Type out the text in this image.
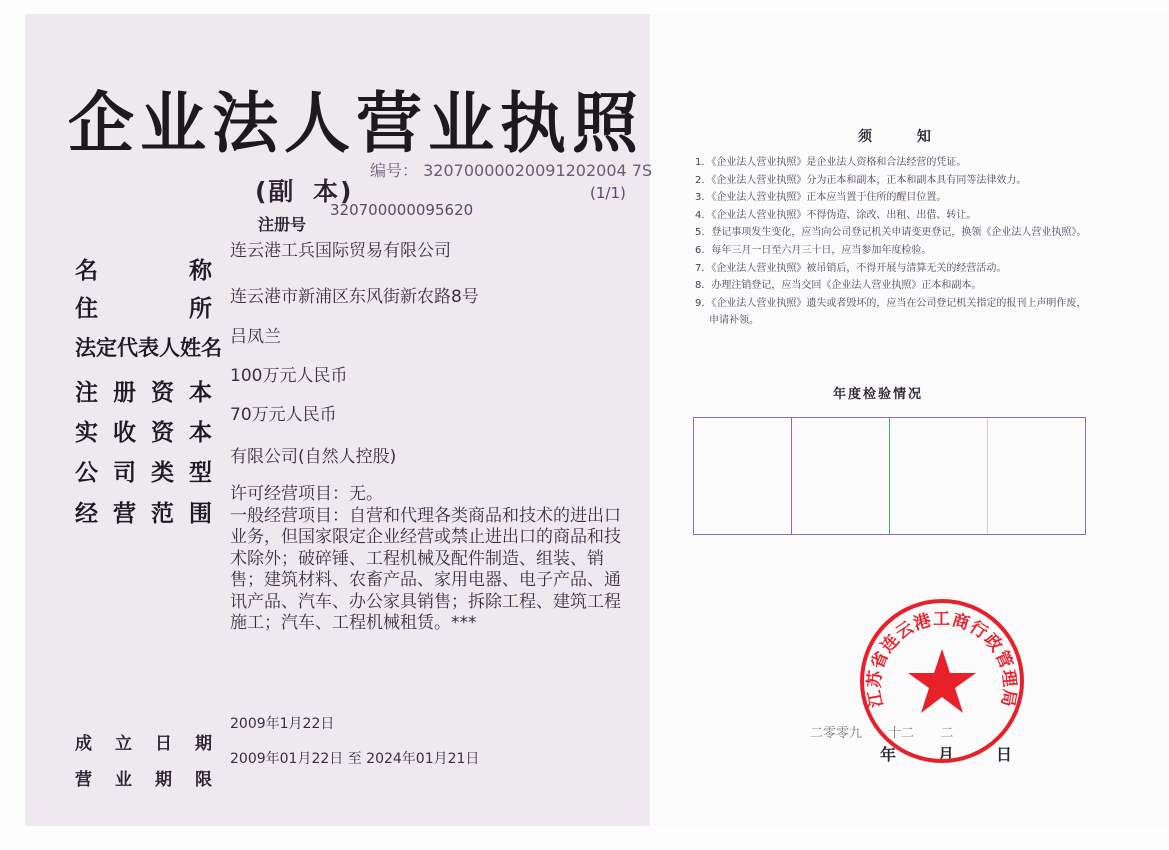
企业法人营业执照
(副 本)
编号： 32070000020091202004 7S
(1/1)
注册号
320700000095620
名称
住所
法定代表人姓名
注册资本
实收资本
公司类型
经营范围
连云港工兵国际贸易有限公司
连云港市新浦区东风街新农路8号
吕凤兰
100万元人民币
70万元人民币
有限公司(自然人控股)
许可经营项目：无。
一般经营项目：自营和代理各类商品和技术的进出口业务，但国家限定企业经营或禁止进出口的商品和技术除外；破碎锤、工程机械及配件制造、组装、销售；建筑材料、农畜产品、家用电器、电子产品、通讯产品、汽车、办公家具销售；拆除工程、建筑工程施工；汽车、工程机械租赁。***
成立日期
营业期限
2009年1月22日
2009年01月22日 至 2024年01月21日
须 知
1．《企业法人营业执照》是企业法人资格和合法经营的凭证。
2．《企业法人营业执照》分为正本和副本，正本和副本具有同等法律效力。
3．《企业法人营业执照》正本应当置于住所的醒目位置。
4．《企业法人营业执照》不得伪造、涂改、出租、出借、转让。
5．登记事项发生变化，应当向公司登记机关申请变更登记，换领《企业法人营业执照》。
6．每年三月一日至六月三十日，应当参加年度检验。
7．《企业法人营业执照》被吊销后，不得开展与清算无关的经营活动。
8．办理注销登记，应当交回《企业法人营业执照》正本和副本。
9．《企业法人营业执照》遗失或者毁坏的，应当在公司登记机关指定的报刊上声明作废，申请补领。
年度检验情况
二零零九 十二 二
年	月	日
江苏省连云港工商行政管理局
